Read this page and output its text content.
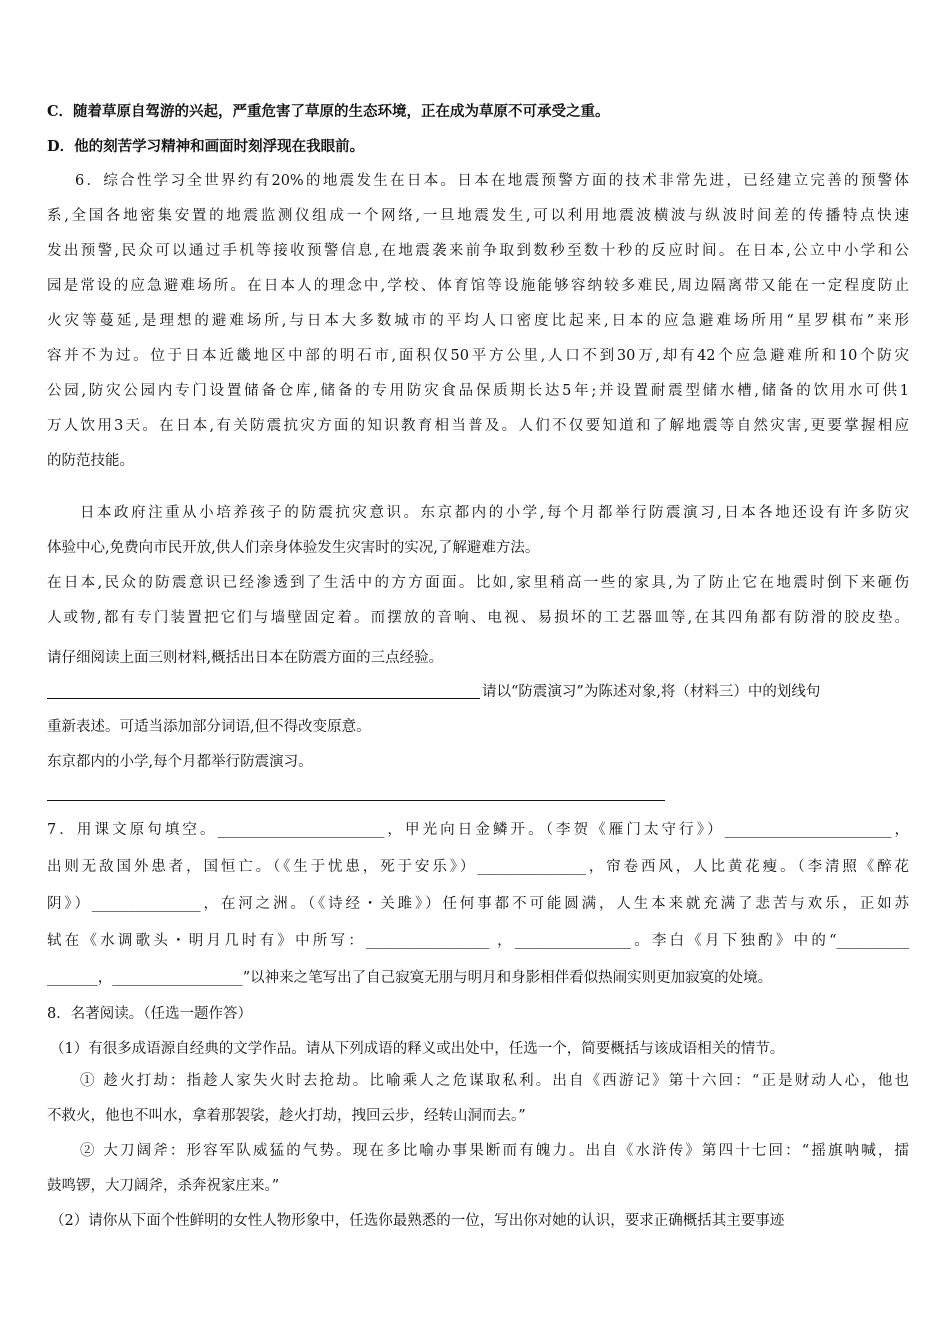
C．随着草原自驾游的兴起，严重危害了草原的生态环境，正在成为草原不可承受之重。
D．他的刻苦学习精神和画面时刻浮现在我眼前。
6．综合性学习全世界约有20%的地震发生在日本。日本在地震预警方面的技术非常先进，已经建立完善的预警体
系,全国各地密集安置的地震监测仪组成一个网络,一旦地震发生,可以利用地震波横波与纵波时间差的传播特点快速
发出预警,民众可以通过手机等接收预警信息,在地震袭来前争取到数秒至数十秒的反应时间。在日本,公立中小学和公
园是常设的应急避难场所。在日本人的理念中,学校、体育馆等设施能够容纳较多难民,周边隔离带又能在一定程度防止
火灾等蔓延,是理想的避难场所,与日本大多数城市的平均人口密度比起来,日本的应急避难场所用“星罗棋布”来形
容并不为过。位于日本近畿地区中部的明石市,面积仅50平方公里,人口不到30万,却有42个应急避难所和10个防灾
公园,防灾公园内专门设置储备仓库,储备的专用防灾食品保质期长达5年;并设置耐震型储水槽,储备的饮用水可供1
万人饮用3天。在日本,有关防震抗灾方面的知识教育相当普及。人们不仅要知道和了解地震等自然灾害,更要掌握相应
的防范技能。
日本政府注重从小培养孩子的防震抗灾意识。东京都内的小学,每个月都举行防震演习,日本各地还设有许多防灾
体验中心,免费向市民开放,供人们亲身体验发生灾害时的实况,了解避难方法。
在日本,民众的防震意识已经渗透到了生活中的方方面面。比如,家里稍高一些的家具,为了防止它在地震时倒下来砸伤
人或物,都有专门装置把它们与墙壁固定着。而摆放的音响、电视、易损坏的工艺器皿等,在其四角都有防滑的胶皮垫。
请仔细阅读上面三则材料,概括出日本在防震方面的三点经验。
请以“防震演习”为陈述对象,将（材料三）中的划线句
重新表述。可适当添加部分词语,但不得改变原意。
东京都内的小学,每个月都举行防震演习。
7．用课文原句填空。_______________________，甲光向日金鳞开。（李贺《雁门太守行》）_______________________，
出则无敌国外患者，国恒亡。（《生于忧患，死于安乐》）_______________，帘卷西风，人比黄花瘦。（李清照《醉花
阴》）_______________，在河之洲。（《诗经・关雎》）任何事都不可能圆满，人生本来就充满了悲苦与欢乐，正如苏
轼在《水调歌头・明月几时有》中所写：_________________ ，________________。李白《月下独酌》中的“__________
_______，__________________”以神来之笔写出了自己寂寞无朋与明月和身影相伴看似热闹实则更加寂寞的处境。
8．名著阅读。（任选一题作答）
（1）有很多成语源自经典的文学作品。请从下列成语的释义或出处中，任选一个，简要概括与该成语相关的情节。
① 趁火打劫：指趁人家失火时去抢劫。比喻乘人之危谋取私利。出自《西游记》第十六回：“正是财动人心，他也
不救火，他也不叫水，拿着那袈裟，趁火打劫，拽回云步，经转山洞而去。”
② 大刀阔斧：形容军队威猛的气势。现在多比喻办事果断而有魄力。出自《水浒传》第四十七回：“摇旗呐喊，擂
鼓鸣锣，大刀阔斧，杀奔祝家庄来。”
（2）请你从下面个性鲜明的女性人物形象中，任选你最熟悉的一位，写出你对她的认识，要求正确概括其主要事迹
